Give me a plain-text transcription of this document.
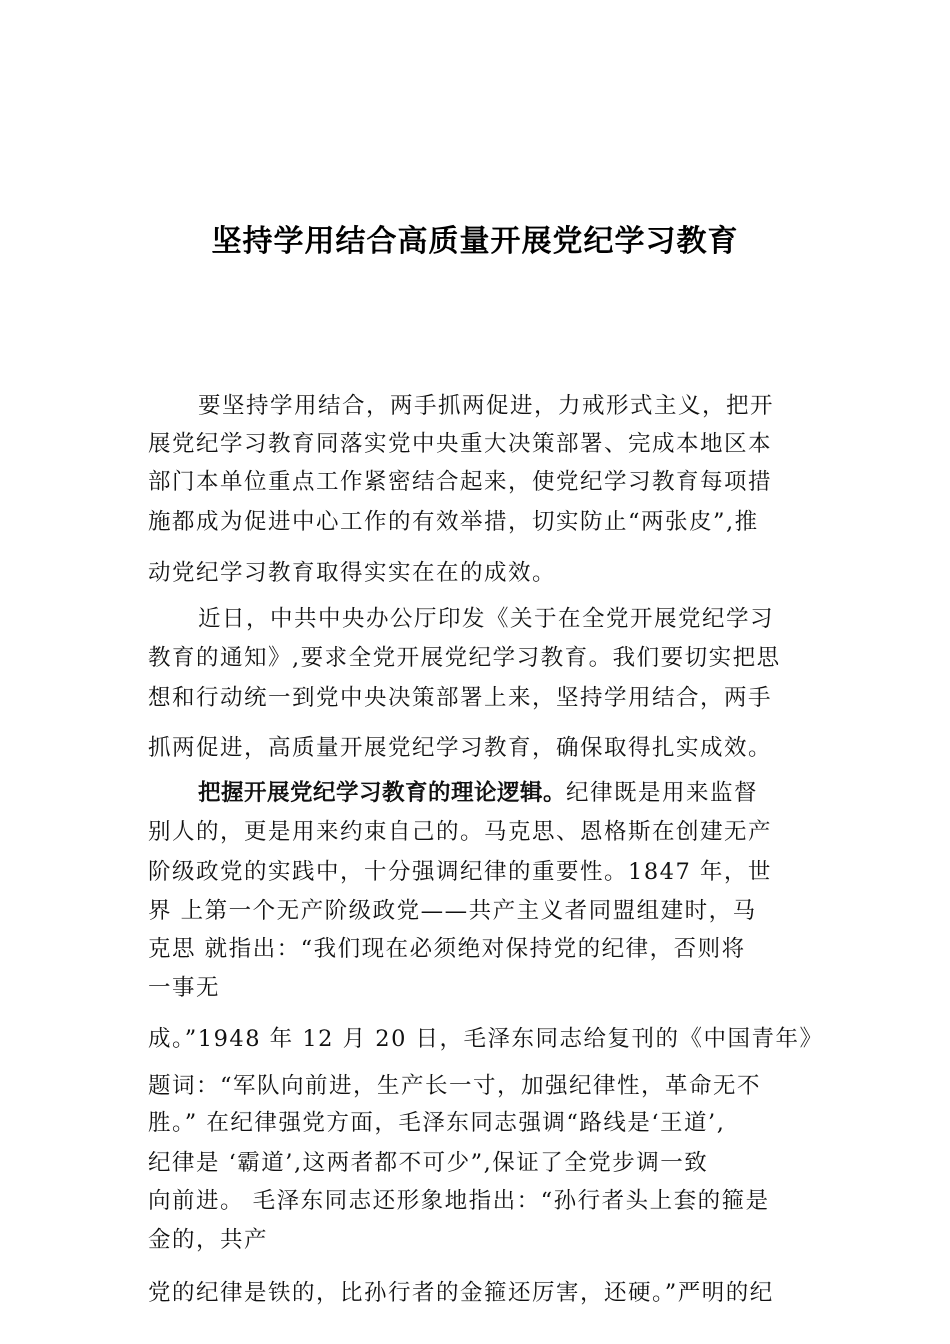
坚持学用结合高质量开展党纪学习教育
要坚持学用结合，两手抓两促进，力戒形式主义，把开
展党纪学习教育同落实党中央重大决策部署、完成本地区本
部门本单位重点工作紧密结合起来，使党纪学习教育每项措
施都成为促进中心工作的有效举措，切实防止“两张皮”,推
动党纪学习教育取得实实在在的成效。
近日，中共中央办公厅印发《关于在全党开展党纪学习
教育的通知》,要求全党开展党纪学习教育。我们要切实把思
想和行动统一到党中央决策部署上来，坚持学用结合，两手
抓两促进，高质量开展党纪学习教育，确保取得扎实成效。
把握开展党纪学习教育的理论逻辑。纪律既是用来监督
别人的，更是用来约束自己的。马克思、恩格斯在创建无产
阶级政党的实践中，十分强调纪律的重要性。1847 年，世
界 上第一个无产阶级政党——共产主义者同盟组建时，马
克思 就指出：“我们现在必须绝对保持党的纪律，否则将
一事无
成。”1948 年 12 月 20 日，毛泽东同志给复刊的《中国青年》
题词：“军队向前进，生产长一寸，加强纪律性，革命无不
胜。” 在纪律强党方面，毛泽东同志强调“路线是‘王道’,
纪律是 ‘霸道’,这两者都不可少”,保证了全党步调一致
向前进。 毛泽东同志还形象地指出：“孙行者头上套的箍是
金的，共产
党的纪律是铁的，比孙行者的金箍还厉害，还硬。”严明的纪
